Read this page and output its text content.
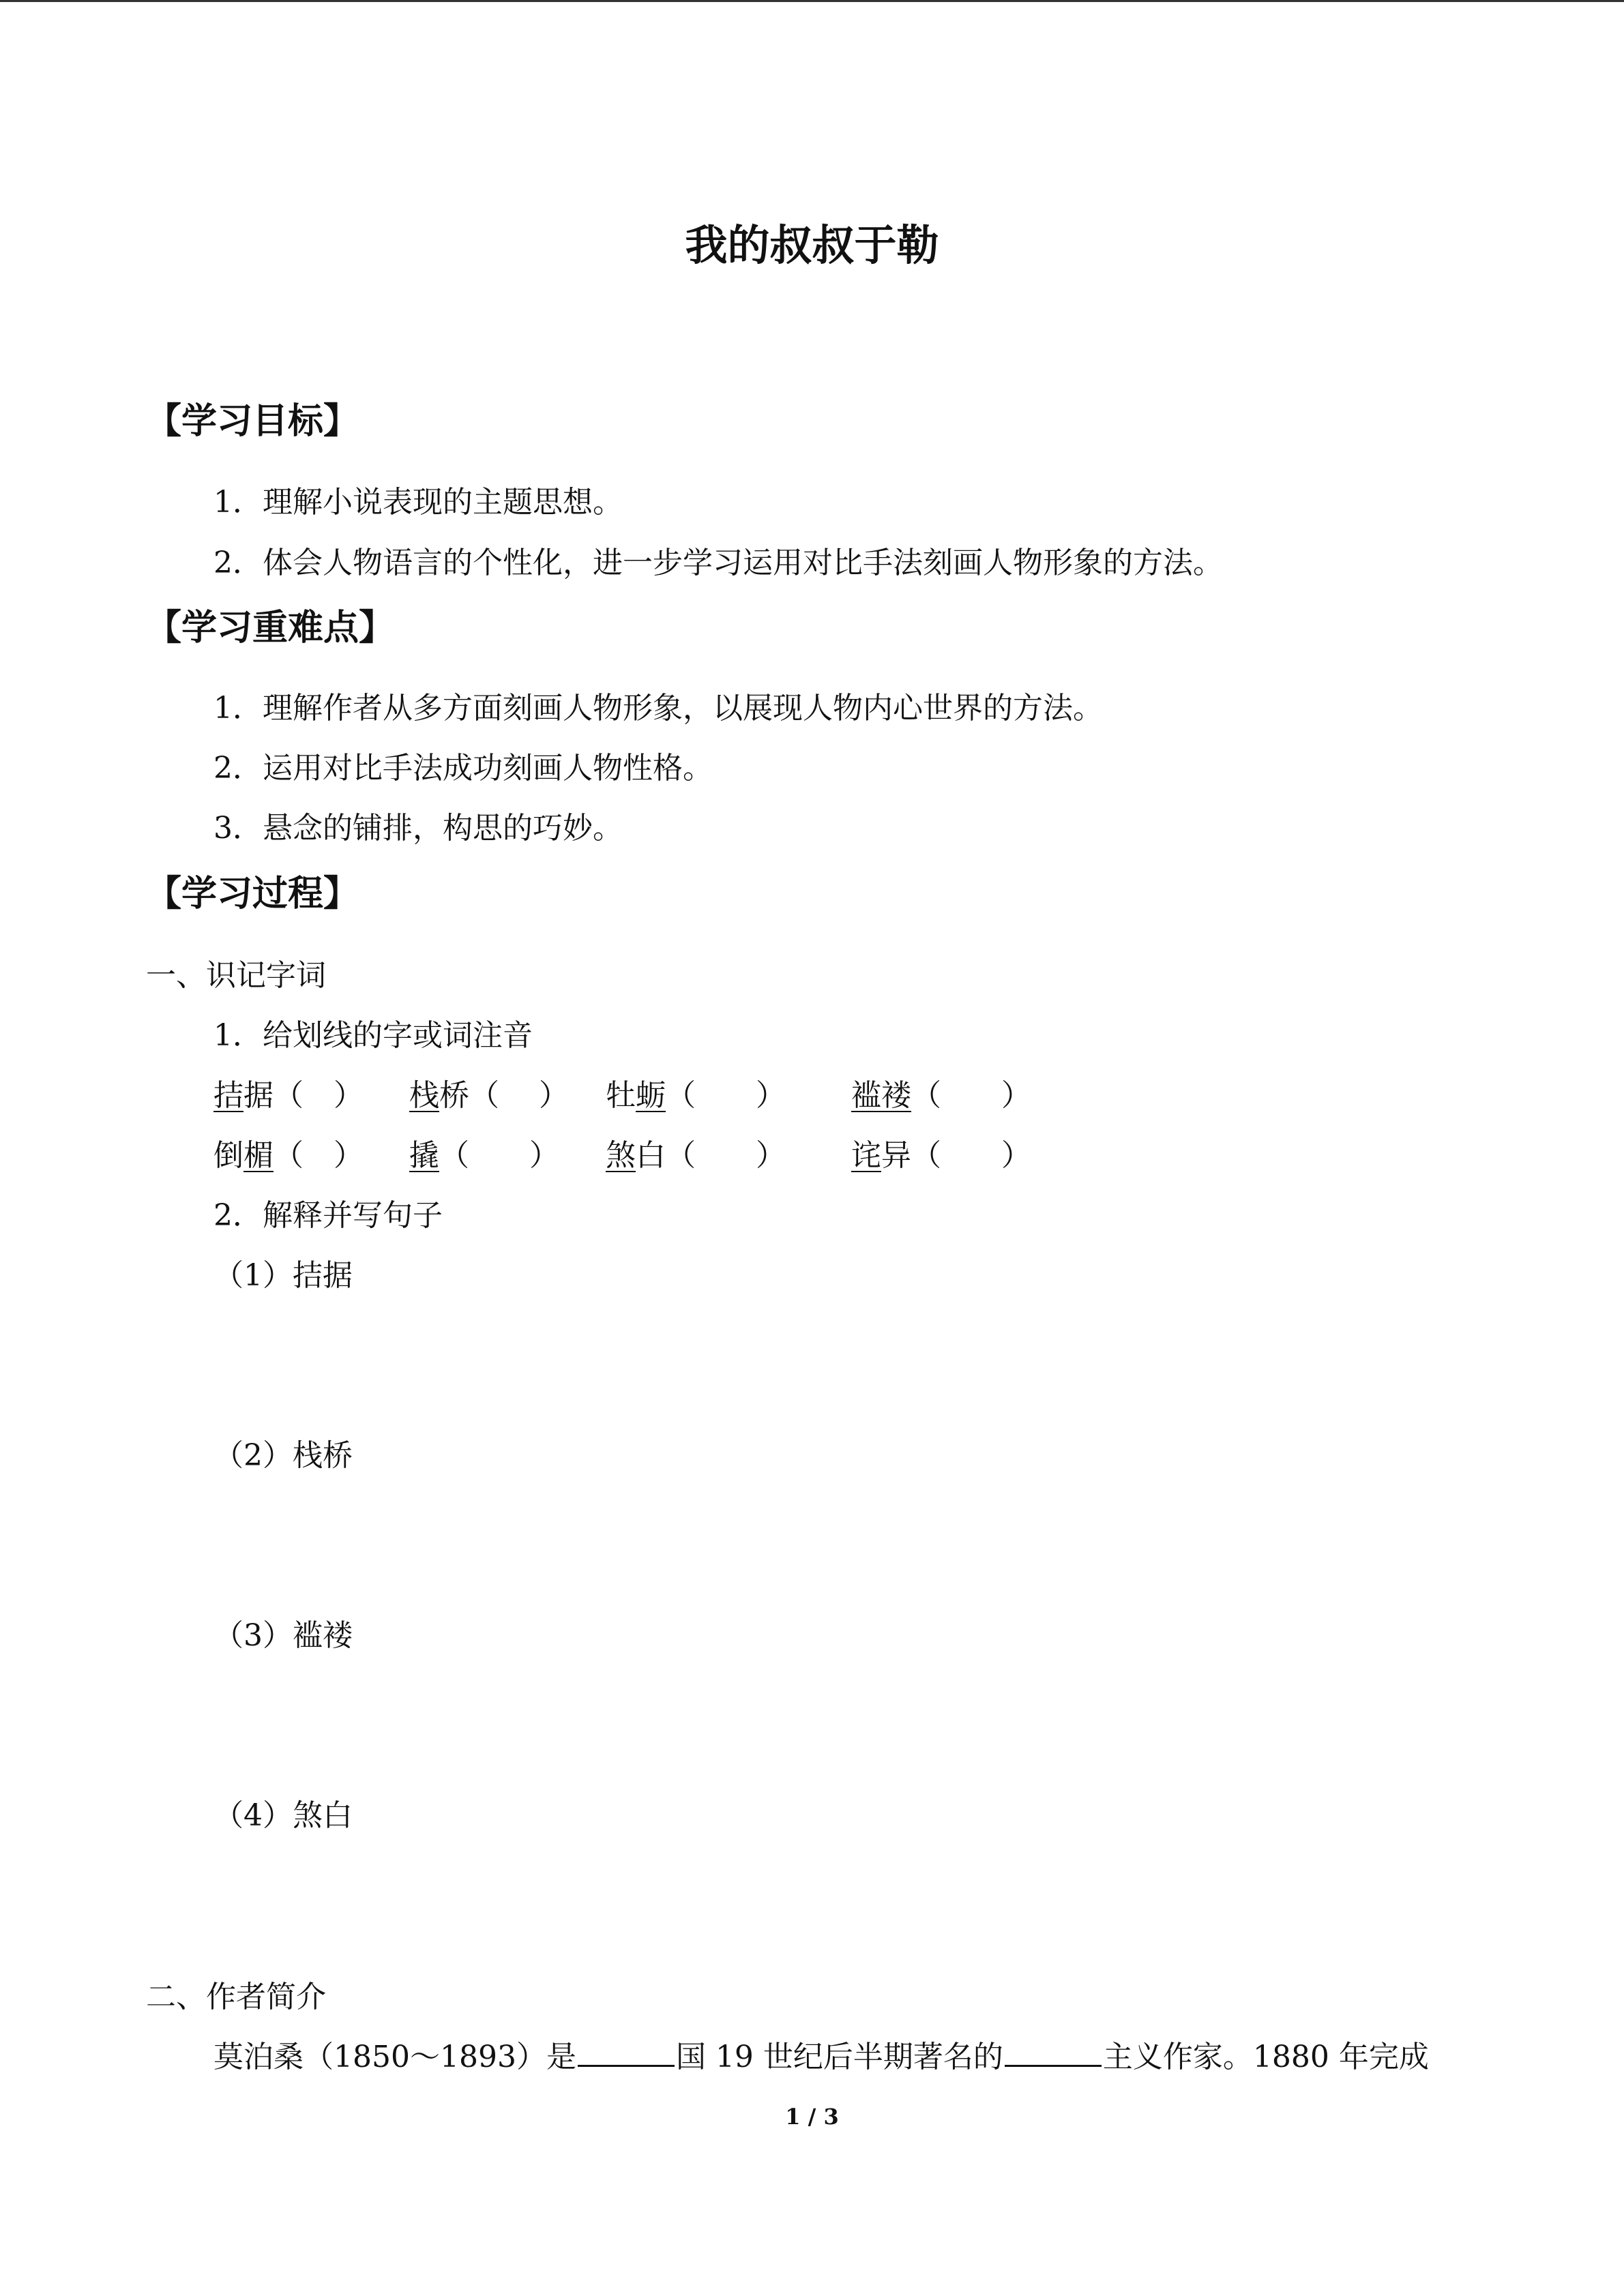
我的叔叔于勒
【学习目标】
1．理解小说表现的主题思想。
2．体会人物语言的个性化，进一步学习运用对比手法刻画人物形象的方法。
【学习重难点】
1．理解作者从多方面刻画人物形象，以展现人物内心世界的方法。
2．运用对比手法成功刻画人物性格。
3．悬念的铺排，构思的巧妙。
【学习过程】
一、识记字词
1．给划线的字或词注音
拮据（　） 栈桥（　 ） 牡蛎（　　） 褴褛（　　）
倒楣（　） 撬（　　） 煞白（　　） 诧异（　　）
2．解释并写句子
（1）拮据
（2）栈桥
（3）褴褛
（4）煞白
二、作者简介
莫泊桑（1850～1893）是	国 19 世纪后半期著名的	主义作家。1880 年完成
1 / 3
